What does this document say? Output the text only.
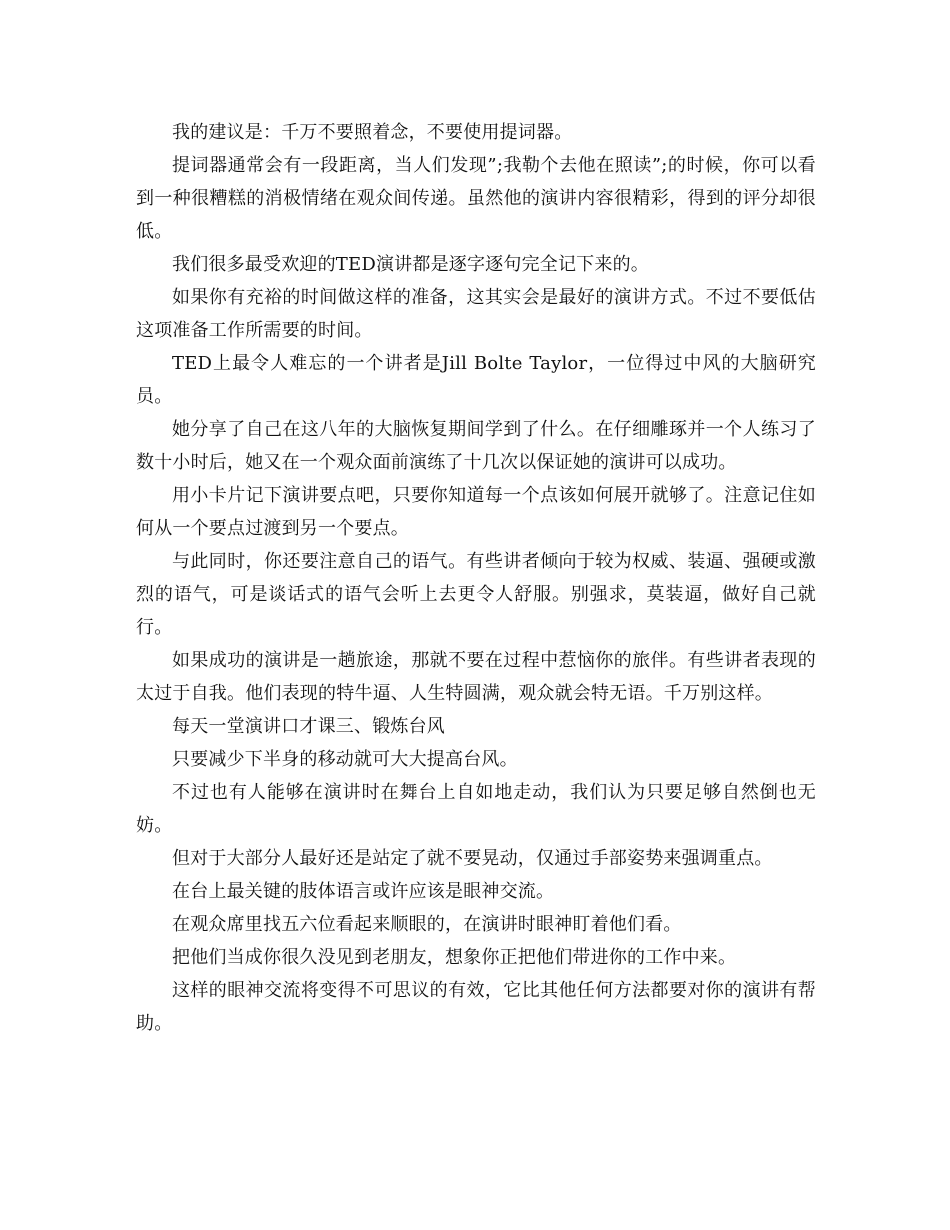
我的建议是：千万不要照着念，不要使用提词器。

提词器通常会有一段距离，当人们发现”;我勒个去他在照读”;的时候，你可以看到一种很糟糕的消极情绪在观众间传递。虽然他的演讲内容很精彩，得到的评分却很低。

我们很多最受欢迎的TED演讲都是逐字逐句完全记下来的。

如果你有充裕的时间做这样的准备，这其实会是最好的演讲方式。不过不要低估这项准备工作所需要的时间。

TED上最令人难忘的一个讲者是Jill Bolte Taylor，一位得过中风的大脑研究员。

她分享了自己在这八年的大脑恢复期间学到了什么。在仔细雕琢并一个人练习了数十小时后，她又在一个观众面前演练了十几次以保证她的演讲可以成功。

用小卡片记下演讲要点吧，只要你知道每一个点该如何展开就够了。注意记住如何从一个要点过渡到另一个要点。

与此同时，你还要注意自己的语气。有些讲者倾向于较为权威、装逼、强硬或激烈的语气，可是谈话式的语气会听上去更令人舒服。别强求，莫装逼，做好自己就行。

如果成功的演讲是一趟旅途，那就不要在过程中惹恼你的旅伴。有些讲者表现的太过于自我。他们表现的特牛逼、人生特圆满，观众就会特无语。千万别这样。

每天一堂演讲口才课三、锻炼台风

只要减少下半身的移动就可大大提高台风。

不过也有人能够在演讲时在舞台上自如地走动，我们认为只要足够自然倒也无妨。

但对于大部分人最好还是站定了就不要晃动，仅通过手部姿势来强调重点。

在台上最关键的肢体语言或许应该是眼神交流。

在观众席里找五六位看起来顺眼的，在演讲时眼神盯着他们看。

把他们当成你很久没见到老朋友，想象你正把他们带进你的工作中来。

这样的眼神交流将变得不可思议的有效，它比其他任何方法都要对你的演讲有帮助。
